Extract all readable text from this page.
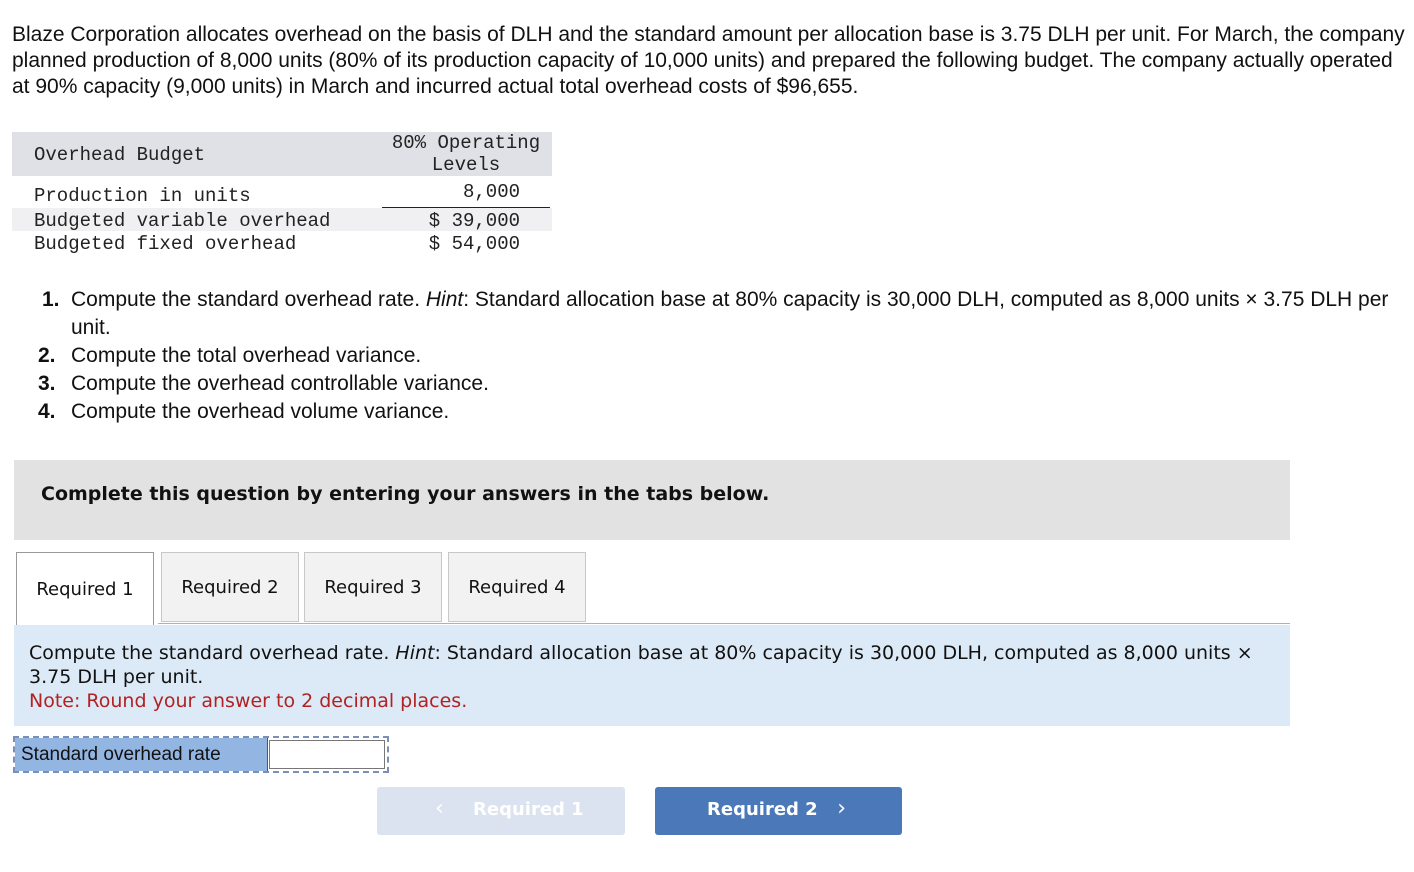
Blaze Corporation allocates overhead on the basis of DLH and the standard amount per allocation base is 3.75 DLH per unit. For March, the company planned production of 8,000 units (80% of its production capacity of 10,000 units) and prepared the following budget. The company actually operated at 90% capacity (9,000 units) in March and incurred actual total overhead costs of $96,655.

Overhead Budget
80% Operating
Levels
Production in units	8,000
Budgeted variable overhead	$ 39,000
Budgeted fixed overhead	$ 54,000
1. Compute the standard overhead rate. Hint: Standard allocation base at 80% capacity is 30,000 DLH, computed as 8,000 units × 3.75 DLH per unit.
2. Compute the total overhead variance.
3. Compute the overhead controllable variance.
4. Compute the overhead volume variance.
Complete this question by entering your answers in the tabs below.
Required 1	Required 2	Required 3	Required 4
Compute the standard overhead rate. Hint: Standard allocation base at 80% capacity is 30,000 DLH, computed as 8,000 units × 3.75 DLH per unit.
Note: Round your answer to 2 decimal places.
Standard overhead rate
‹ Required 1	Required 2 ›
